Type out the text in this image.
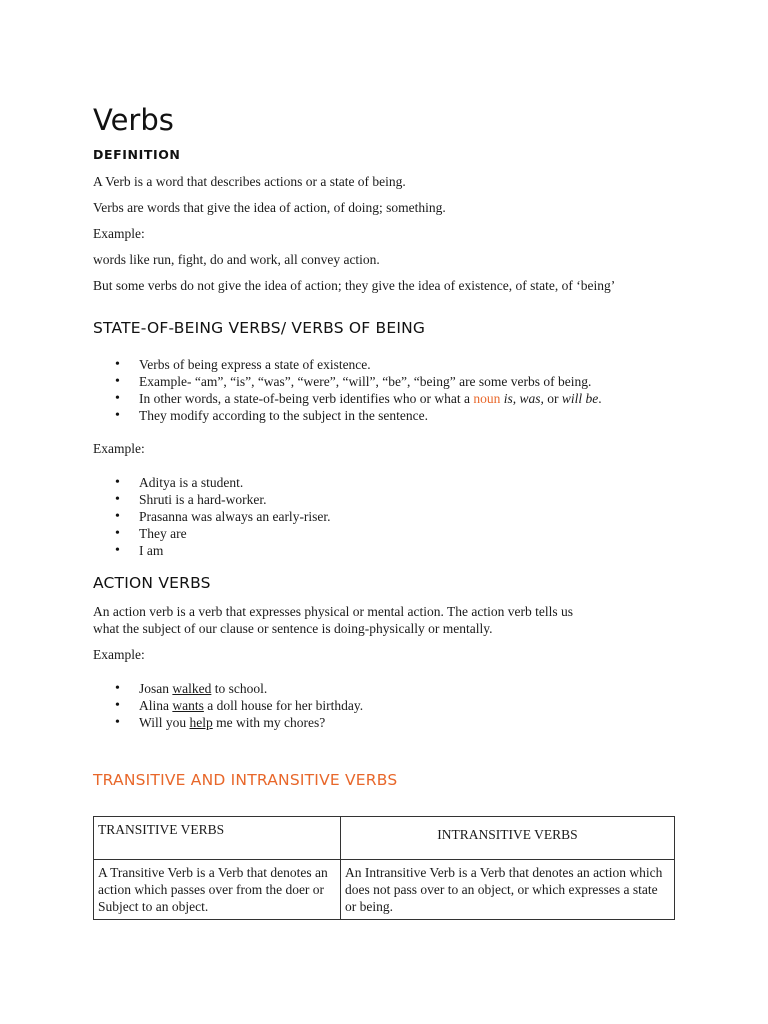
Verbs
DEFINITION
A Verb is a word that describes actions or a state of being.
Verbs are words that give the idea of action, of doing; something.
Example:
words like run, fight, do and work, all convey action.
But some verbs do not give the idea of action; they give the idea of existence, of state, of ‘being’
STATE-OF-BEING VERBS/ VERBS OF BEING
• Verbs of being express a state of existence.
• Example- “am”, “is”, “was”, “were”, “will”, “be”, “being” are some verbs of being.
• In other words, a state-of-being verb identifies who or what a noun is, was, or will be.
• They modify according to the subject in the sentence.
Example:
• Aditya is a student.
• Shruti is a hard-worker.
• Prasanna was always an early-riser.
• They are
• I am
ACTION VERBS
An action verb is a verb that expresses physical or mental action. The action verb tells us
what the subject of our clause or sentence is doing-physically or mentally.
Example:
• Josan walked to school.
• Alina wants a doll house for her birthday.
• Will you help me with my chores?
TRANSITIVE AND INTRANSITIVE VERBS
TRANSITIVE VERBS	INTRANSITIVE VERBS
A Transitive Verb is a Verb that denotes an action which passes over from the doer or Subject to an object.	An Intransitive Verb is a Verb that denotes an action which does not pass over to an object, or which expresses a state or being.
